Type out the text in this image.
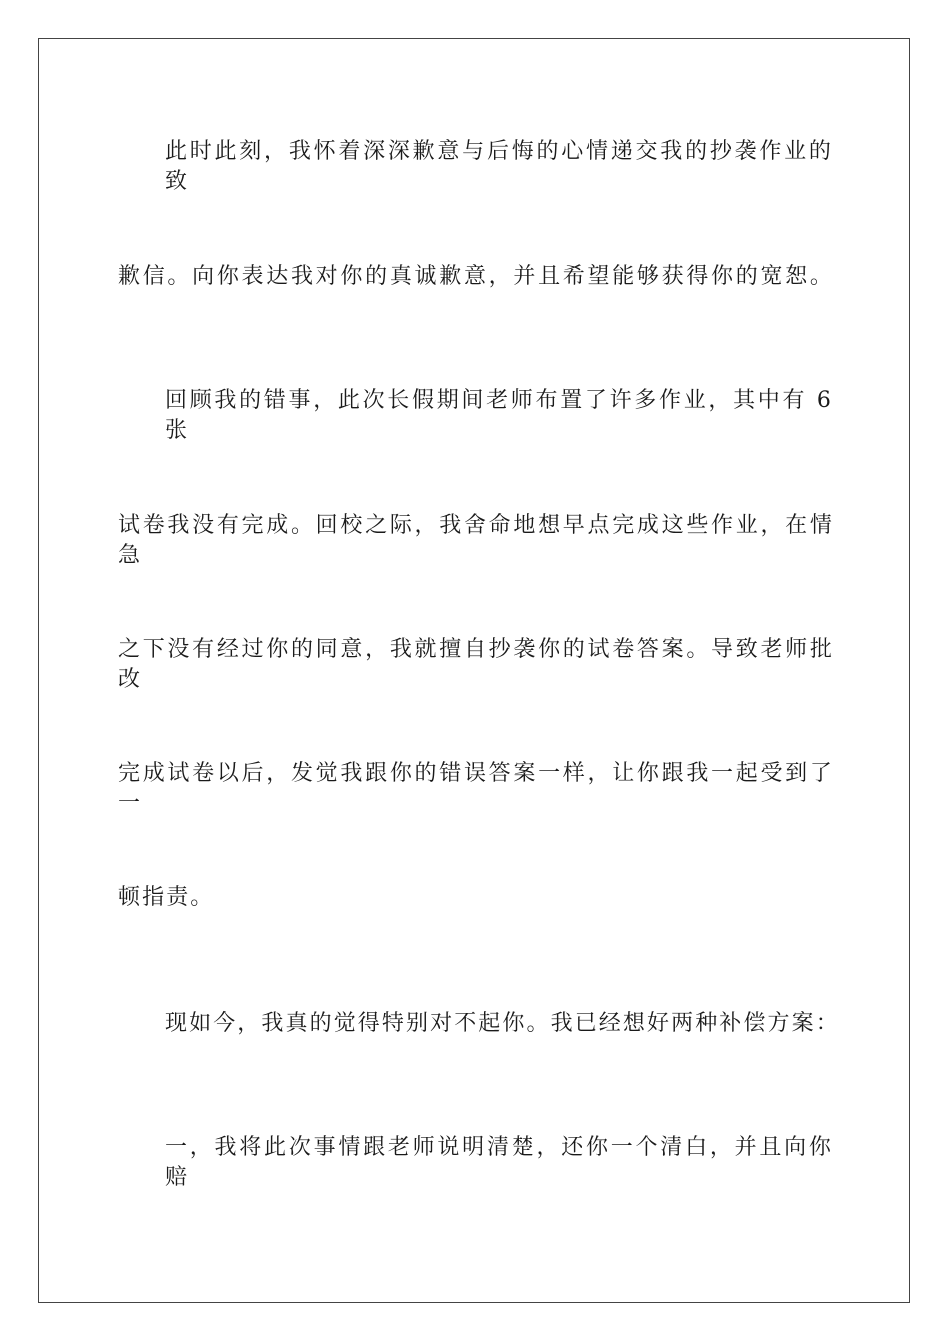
此时此刻，我怀着深深歉意与后悔的心情递交我的抄袭作业的致
歉信。向你表达我对你的真诚歉意，并且希望能够获得你的宽恕。
回顾我的错事，此次长假期间老师布置了许多作业，其中有 6 张
试卷我没有完成。回校之际，我舍命地想早点完成这些作业，在情急
之下没有经过你的同意，我就擅自抄袭你的试卷答案。导致老师批改
完成试卷以后，发觉我跟你的错误答案一样，让你跟我一起受到了一
顿指责。
现如今，我真的觉得特别对不起你。我已经想好两种补偿方案：
一，我将此次事情跟老师说明清楚，还你一个清白，并且向你赔
